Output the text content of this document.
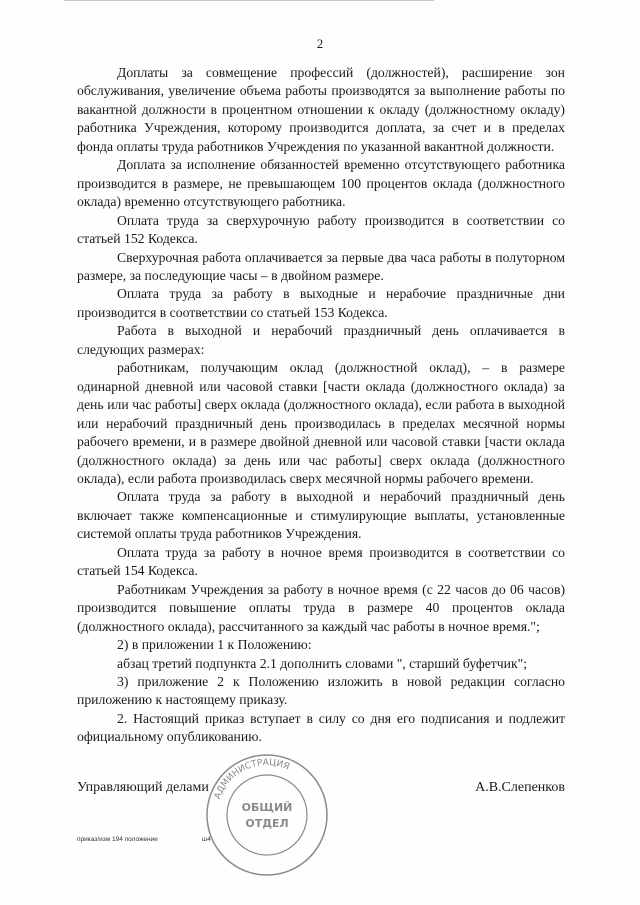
2

Доплаты за совмещение профессий (должностей), расширение зон обслуживания, увеличение объема работы производятся за выполнение работы по вакантной должности в процентном отношении к окладу (должностному окладу) работника Учреждения, которому производится доплата, за счет и в пределах фонда оплаты труда работников Учреждения по указанной вакантной должности.

Доплата за исполнение обязанностей временно отсутствующего работника производится в размере, не превышающем 100 процентов оклада (должностного оклада) временно отсутствующего работника.

Оплата труда за сверхурочную работу производится в соответствии со статьей 152 Кодекса.

Сверхурочная работа оплачивается за первые два часа работы в полуторном размере, за последующие часы – в двойном размере.

Оплата труда за работу в выходные и нерабочие праздничные дни производится в соответствии со статьей 153 Кодекса.

Работа в выходной и нерабочий праздничный день оплачивается в следующих размерах:

работникам, получающим оклад (должностной оклад), – в размере одинарной дневной или часовой ставки [части оклада (должностного оклада) за день или час работы] сверх оклада (должностного оклада), если работа в выходной или нерабочий праздничный день производилась в пределах месячной нормы рабочего времени, и в размере двойной дневной или часовой ставки [части оклада (должностного оклада) за день или час работы] сверх оклада (должностного оклада), если работа производилась сверх месячной нормы рабочего времени.

Оплата труда за работу в выходной и нерабочий праздничный день включает также компенсационные и стимулирующие выплаты, установленные системой оплаты труда работников Учреждения.

Оплата труда за работу в ночное время производится в соответствии со статьей 154 Кодекса.

Работникам Учреждения за работу в ночное время (с 22 часов до 06 часов) производится повышение оплаты труда в размере 40 процентов оклада (должностного оклада), рассчитанного за каждый час работы в ночное время.";

2) в приложении 1 к Положению:

абзац третий подпункта 2.1 дополнить словами ", старший буфетчик";

3) приложение 2 к Положению изложить в новой редакции согласно приложению к настоящему приказу.

2. Настоящий приказ вступает в силу со дня его подписания и подлежит официальному опубликованию.

Управляющий делами	А.В.Слепенков
АДМИНИСТРАЦИЯ
ОБЩИЙ
ОТДЕЛ
приказ/изм 194 положение	ш4
